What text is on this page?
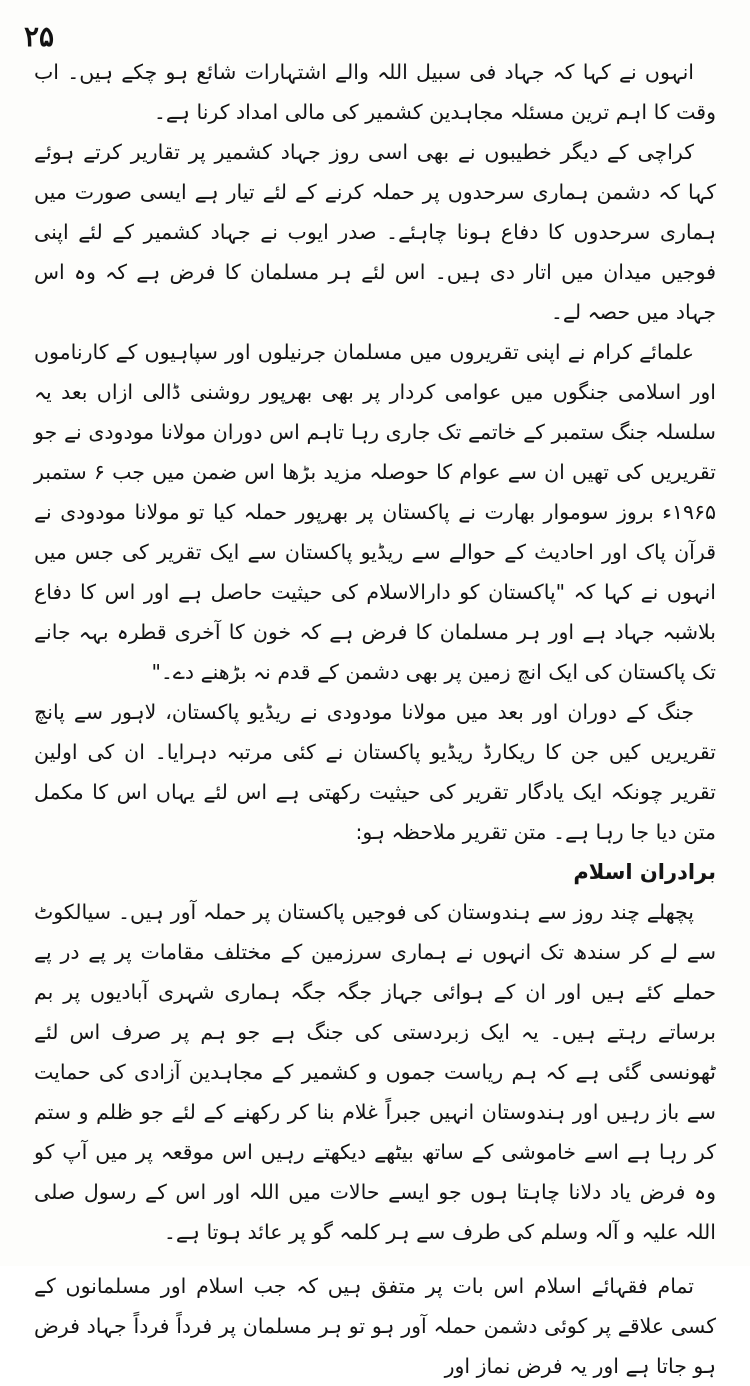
۲۵

انہوں نے کہا کہ جہاد فی سبیل اللہ والے اشتہارات شائع ہو چکے ہیں۔ اب وقت کا اہم ترین مسئلہ مجاہدین کشمیر کی مالی امداد کرنا ہے۔

کراچی کے دیگر خطیبوں نے بھی اسی روز جہاد کشمیر پر تقاریر کرتے ہوئے کہا کہ دشمن ہماری سرحدوں پر حملہ کرنے کے لئے تیار ہے ایسی صورت میں ہماری سرحدوں کا دفاع ہونا چاہئے۔ صدر ایوب نے جہاد کشمیر کے لئے اپنی فوجیں میدان میں اتار دی ہیں۔ اس لئے ہر مسلمان کا فرض ہے کہ وہ اس جہاد میں حصہ لے۔

علمائے کرام نے اپنی تقریروں میں مسلمان جرنیلوں اور سپاہیوں کے کارناموں اور اسلامی جنگوں میں عوامی کردار پر بھی بھرپور روشنی ڈالی ازاں بعد یہ سلسلہ جنگ ستمبر کے خاتمے تک جاری رہا تاہم اس دوران مولانا مودودی نے جو تقریریں کی تھیں ان سے عوام کا حوصلہ مزید بڑھا اس ضمن میں جب ۶ ستمبر ۱۹۶۵ء بروز سوموار بھارت نے پاکستان پر بھرپور حملہ کیا تو مولانا مودودی نے قرآن پاک اور احادیث کے حوالے سے ریڈیو پاکستان سے ایک تقریر کی جس میں انہوں نے کہا کہ "پاکستان کو دارالاسلام کی حیثیت حاصل ہے اور اس کا دفاع بلاشبہ جہاد ہے اور ہر مسلمان کا فرض ہے کہ خون کا آخری قطرہ بہہ جانے تک پاکستان کی ایک انچ زمین پر بھی دشمن کے قدم نہ بڑھنے دے۔"

جنگ کے دوران اور بعد میں مولانا مودودی نے ریڈیو پاکستان، لاہور سے پانچ تقریریں کیں جن کا ریکارڈ ریڈیو پاکستان نے کئی مرتبہ دہرایا۔ ان کی اولین تقریر چونکہ ایک یادگار تقریر کی حیثیت رکھتی ہے اس لئے یہاں اس کا مکمل متن دیا جا رہا ہے۔ متن تقریر ملاحظہ ہو:

برادران اسلام

پچھلے چند روز سے ہندوستان کی فوجیں پاکستان پر حملہ آور ہیں۔ سیالکوٹ سے لے کر سندھ تک انہوں نے ہماری سرزمین کے مختلف مقامات پر پے در پے حملے کئے ہیں اور ان کے ہوائی جہاز جگہ جگہ ہماری شہری آبادیوں پر بم برساتے رہتے ہیں۔ یہ ایک زبردستی کی جنگ ہے جو ہم پر صرف اس لئے ٹھونسی گئی ہے کہ ہم ریاست جموں و کشمیر کے مجاہدین آزادی کی حمایت سے باز رہیں اور ہندوستان انہیں جبراً غلام بنا کر رکھنے کے لئے جو ظلم و ستم کر رہا ہے اسے خاموشی کے ساتھ بیٹھے دیکھتے رہیں اس موقعہ پر میں آپ کو وہ فرض یاد دلانا چاہتا ہوں جو ایسے حالات میں اللہ اور اس کے رسول صلی اللہ علیہ و آلہ وسلم کی طرف سے ہر کلمہ گو پر عائد ہوتا ہے۔

تمام فقہائے اسلام اس بات پر متفق ہیں کہ جب اسلام اور مسلمانوں کے کسی علاقے پر کوئی دشمن حملہ آور ہو تو ہر مسلمان پر فرداً فرداً جہاد فرض ہو جاتا ہے اور یہ فرض نماز اور
